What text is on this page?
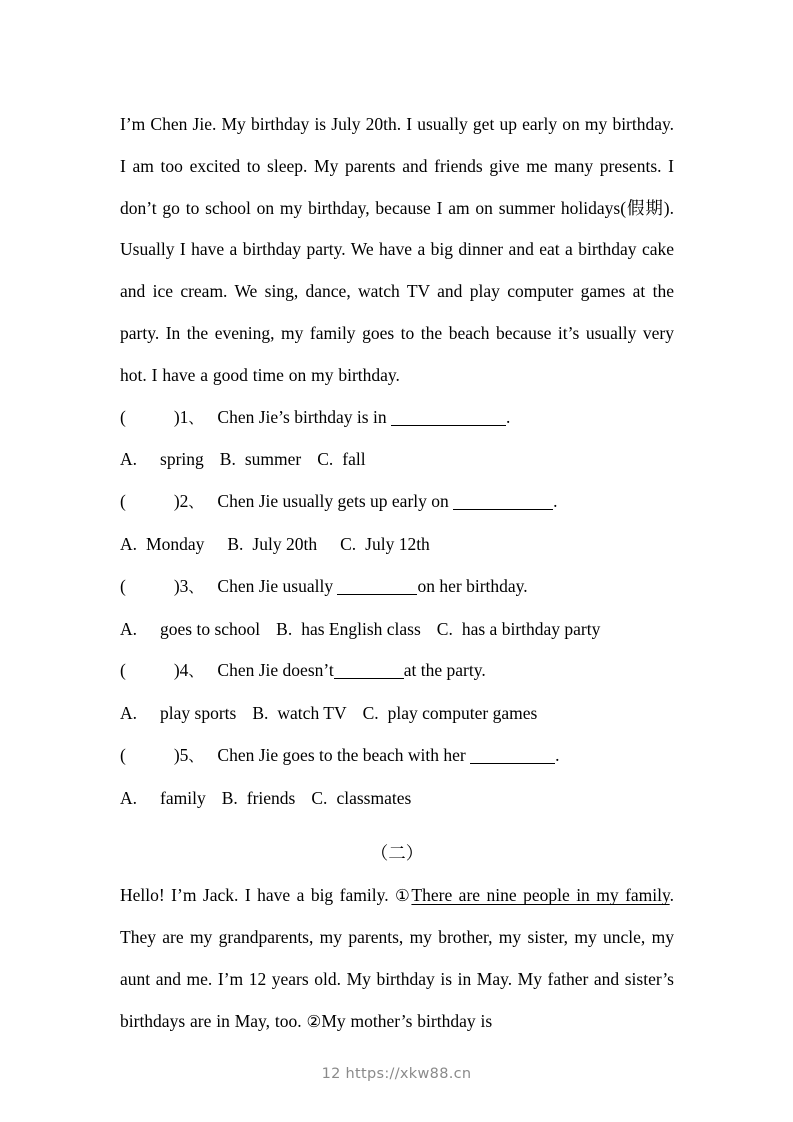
I’m Chen Jie. My birthday is July 20th. I usually get up early on my birthday. I am too excited to sleep. My parents and friends give me many presents. I don’t go to school on my birthday, because I am on summer holidays(假期). Usually I have a birthday party. We have a big dinner and eat a birthday cake and ice cream. We sing, dance, watch TV and play computer games at the party. In the evening, my family goes to the beach because it’s usually very hot. I have a good time on my birthday.

(	)1、 Chen Jie’s birthday is in	.

A. spring B. summer C. fall

(	)2、 Chen Jie usually gets up early on	.

A. Monday B. July 20th C. July 12th

(	)3、 Chen Jie usually	on her birthday.

A. goes to school B. has English class C. has a birthday party

(	)4、 Chen Jie doesn’t	at the party.

A. play sports B. watch TV C. play computer games

(	)5、 Chen Jie goes to the beach with her	.

A. family B. friends C. classmates

（二）

Hello! I’m Jack. I have a big family. ①There are nine people in my family. They are my grandparents, my parents, my brother, my sister, my uncle, my aunt and me. I’m 12 years old. My birthday is in May. My father and sister’s birthdays are in May, too. ②My mother’s birthday is

12 https://xkw88.cn
